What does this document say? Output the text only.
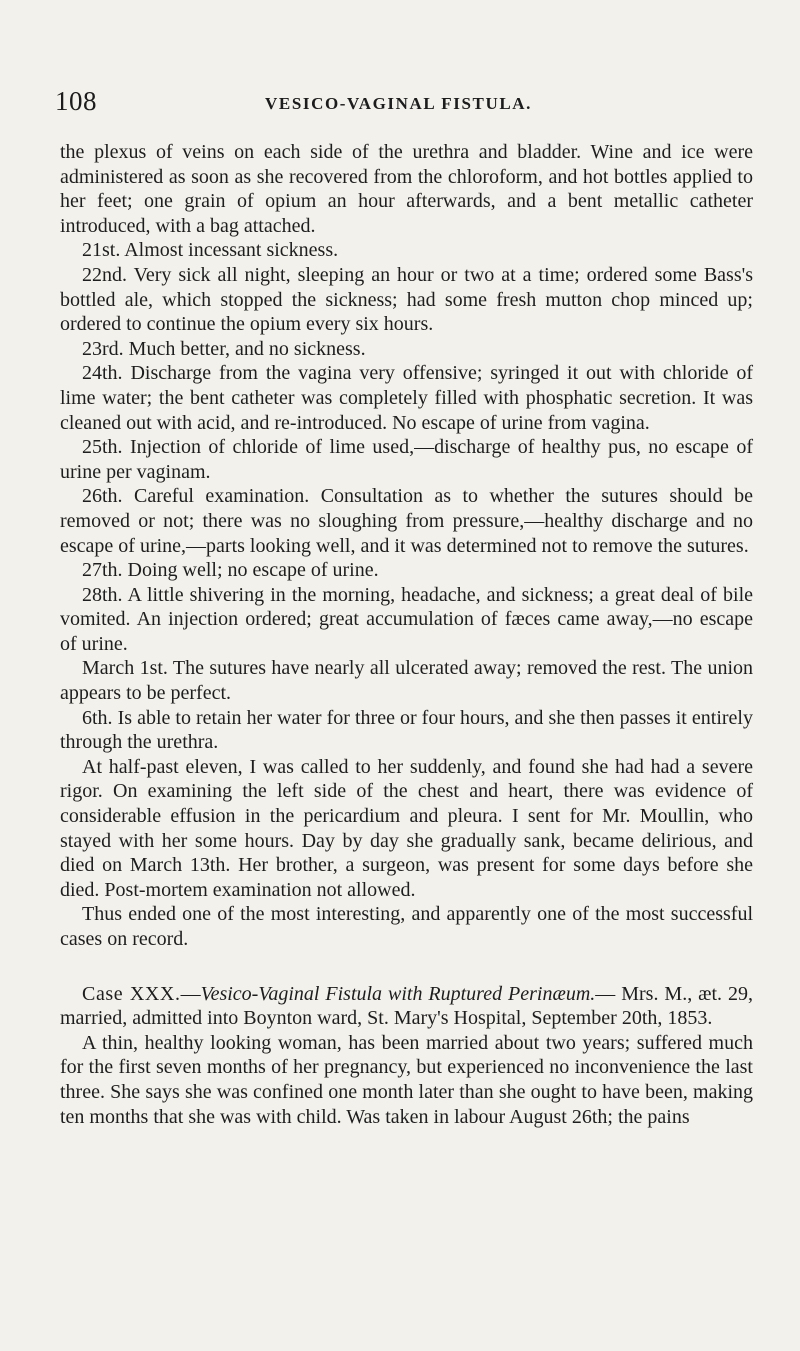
108	VESICO-VAGINAL FISTULA.

the plexus of veins on each side of the urethra and bladder. Wine and ice were administered as soon as she recovered from the chloroform, and hot bottles applied to her feet; one grain of opium an hour afterwards, and a bent metallic catheter introduced, with a bag attached.

21st. Almost incessant sickness.

22nd. Very sick all night, sleeping an hour or two at a time; ordered some Bass's bottled ale, which stopped the sickness; had some fresh mutton chop minced up; ordered to continue the opium every six hours.

23rd. Much better, and no sickness.

24th. Discharge from the vagina very offensive; syringed it out with chloride of lime water; the bent catheter was completely filled with phosphatic secretion. It was cleaned out with acid, and re-introduced. No escape of urine from vagina.

25th. Injection of chloride of lime used,—discharge of healthy pus, no escape of urine per vaginam.

26th. Careful examination. Consultation as to whether the sutures should be removed or not; there was no sloughing from pressure,—healthy discharge and no escape of urine,—parts looking well, and it was determined not to remove the sutures.

27th. Doing well; no escape of urine.

28th. A little shivering in the morning, headache, and sickness; a great deal of bile vomited. An injection ordered; great accumulation of fæces came away,—no escape of urine.

March 1st. The sutures have nearly all ulcerated away; removed the rest. The union appears to be perfect.

6th. Is able to retain her water for three or four hours, and she then passes it entirely through the urethra.

At half-past eleven, I was called to her suddenly, and found she had had a severe rigor. On examining the left side of the chest and heart, there was evidence of considerable effusion in the pericardium and pleura. I sent for Mr. Moullin, who stayed with her some hours. Day by day she gradually sank, became delirious, and died on March 13th. Her brother, a surgeon, was present for some days before she died. Post-mortem examination not allowed.

Thus ended one of the most interesting, and apparently one of the most successful cases on record.

Case XXX.—Vesico-Vaginal Fistula with Ruptured Perinæum.— Mrs. M., æt. 29, married, admitted into Boynton ward, St. Mary's Hospital, September 20th, 1853.

A thin, healthy looking woman, has been married about two years; suffered much for the first seven months of her pregnancy, but experienced no inconvenience the last three. She says she was confined one month later than she ought to have been, making ten months that she was with child. Was taken in labour August 26th; the pains
